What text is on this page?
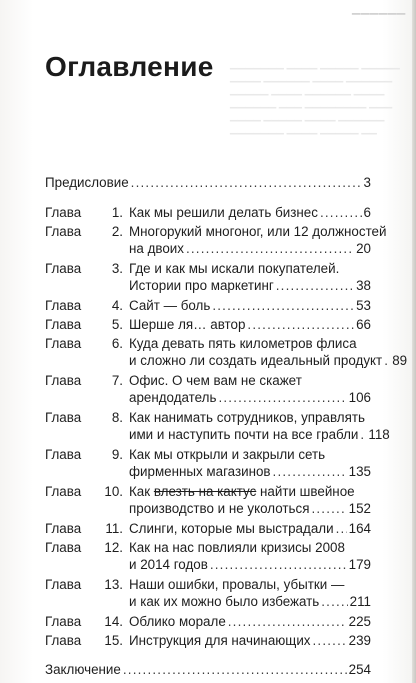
▁▁▁▁▁▁
▁▁▁▁▁▁▁ ▁▁▁▁ ▁▁▁▁▁ ▁▁▁▁▁
▁▁▁▁ ▁▁▁▁▁▁ ▁▁▁▁ ▁▁▁▁▁▁
▁▁▁▁▁ ▁▁▁▁ ▁▁▁▁▁▁ ▁▁▁▁
▁▁▁▁▁▁ ▁▁▁ ▁▁▁▁▁▁▁▁ ▁▁▁
▁▁▁▁ ▁▁▁▁▁ ▁▁▁▁ ▁▁▁▁▁▁
▁▁▁▁▁▁▁ ▁▁▁▁ ▁▁▁▁▁ ▁▁
Оглавление
Предисловие .....	3
Глава	1. Как мы решили делать бизнес .....	6
Глава	2. Многорукий многоног, или 12 должностей
на двоих .....	20
Глава	3. Где и как мы искали покупателей.
Истории про маркетинг .....	38
Глава	4. Сайт — боль .....	53
Глава	5. Шерше ля… автор .....	66
Глава	6. Куда девать пять километров флиса
и сложно ли создать идеальный продукт ..... 89
Глава	7. Офис. О чем вам не скажет
арендодатель .....	106
Глава	8. Как нанимать сотрудников, управлять
ими и наступить почти на все грабли ..... 118
Глава	9. Как мы открыли и закрыли сеть
фирменных магазинов .....	135
Глава	10. Как
влезть на кактус
найти швейное
производство и не уколоться .....	152
Глава	11. Слинги, которые мы выстрадали ..... 164
Глава	12. Как на нас повлияли кризисы 2008
и 2014 годов .....	179
Глава	13. Наши ошибки, провалы, убытки —
и как их можно было избежать ..... 211
Глава	14. Облико морале .....	225
Глава	15. Инструкция для начинающих .....	239
Заключение .....	254
